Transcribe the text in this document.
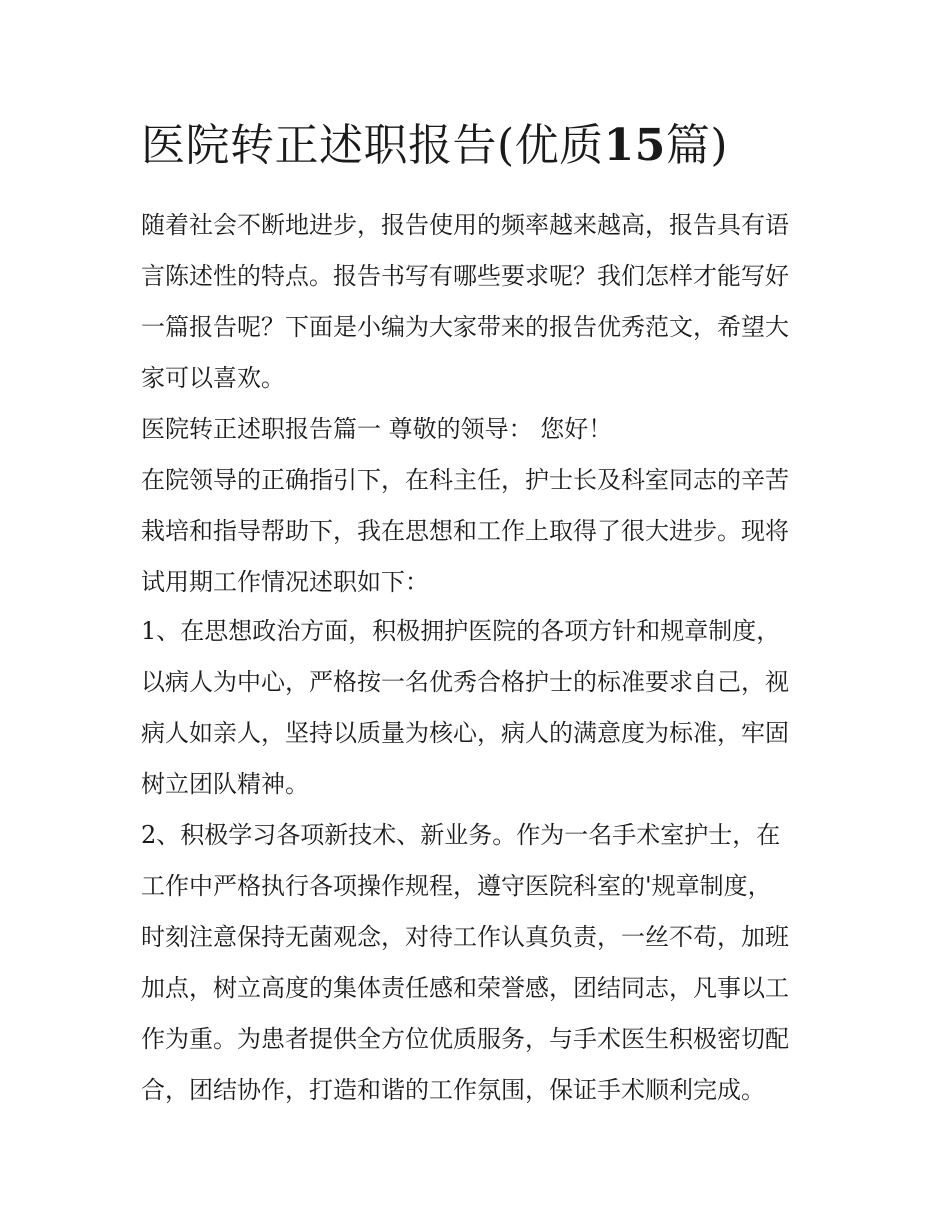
医院转正述职报告(优质15篇)
随着社会不断地进步，报告使用的频率越来越高，报告具有语
言陈述性的特点。报告书写有哪些要求呢？我们怎样才能写好
一篇报告呢？下面是小编为大家带来的报告优秀范文，希望大
家可以喜欢。
医院转正述职报告篇一 尊敬的领导： 您好！
在院领导的正确指引下，在科主任，护士长及科室同志的辛苦
栽培和指导帮助下，我在思想和工作上取得了很大进步。现将
试用期工作情况述职如下：
1、在思想政治方面，积极拥护医院的各项方针和规章制度，
以病人为中心，严格按一名优秀合格护士的标准要求自己，视
病人如亲人，坚持以质量为核心，病人的满意度为标准，牢固
树立团队精神。
2、积极学习各项新技术、新业务。作为一名手术室护士，在
工作中严格执行各项操作规程，遵守医院科室的'规章制度，
时刻注意保持无菌观念，对待工作认真负责，一丝不苟，加班
加点，树立高度的集体责任感和荣誉感，团结同志，凡事以工
作为重。为患者提供全方位优质服务，与手术医生积极密切配
合，团结协作，打造和谐的工作氛围，保证手术顺利完成。
